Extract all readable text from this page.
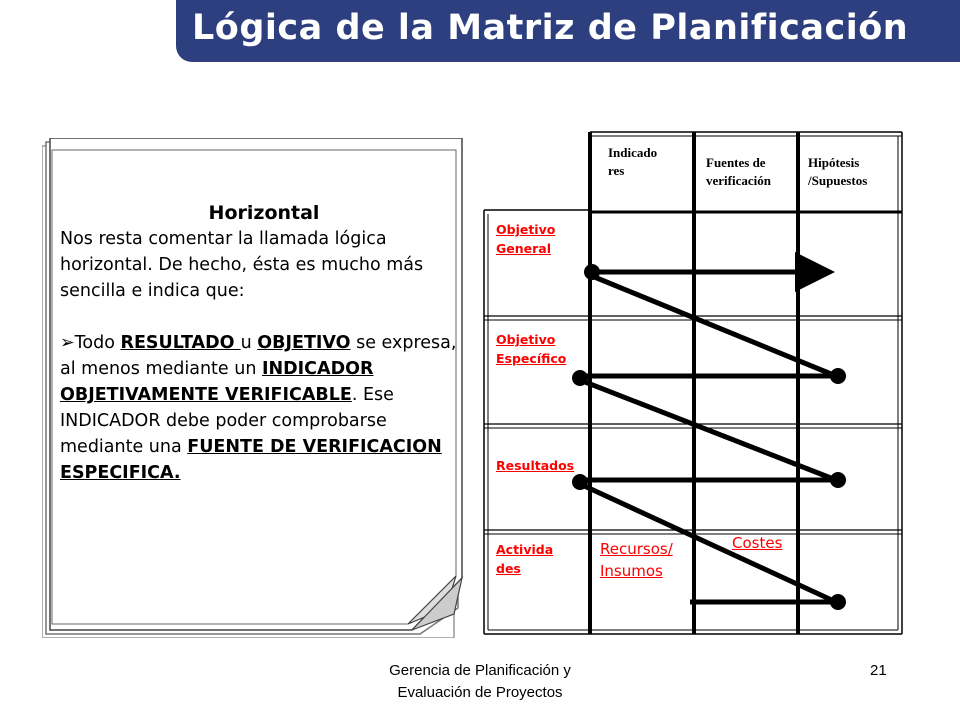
Lógica de la Matriz de Planificación
Horizontal
Nos resta comentar la llamada lógica horizontal. De hecho, ésta es mucho más sencilla e indica que:
➢Todo RESULTADO u OBJETIVO se expresa, al menos mediante un INDICADOR OBJETIVAMENTE VERIFICABLE. Ese INDICADOR debe poder comprobarse mediante una FUENTE DE VERIFICACION ESPECIFICA.
Indicado
res
Fuentes de
verificación
Hipótesis
/Supuestos
Objetivo
General
Objetivo
Específico
Resultados
Activida
des
Recursos/
Insumos
Costes
Gerencia de Planificación y
Evaluación de Proyectos
21
